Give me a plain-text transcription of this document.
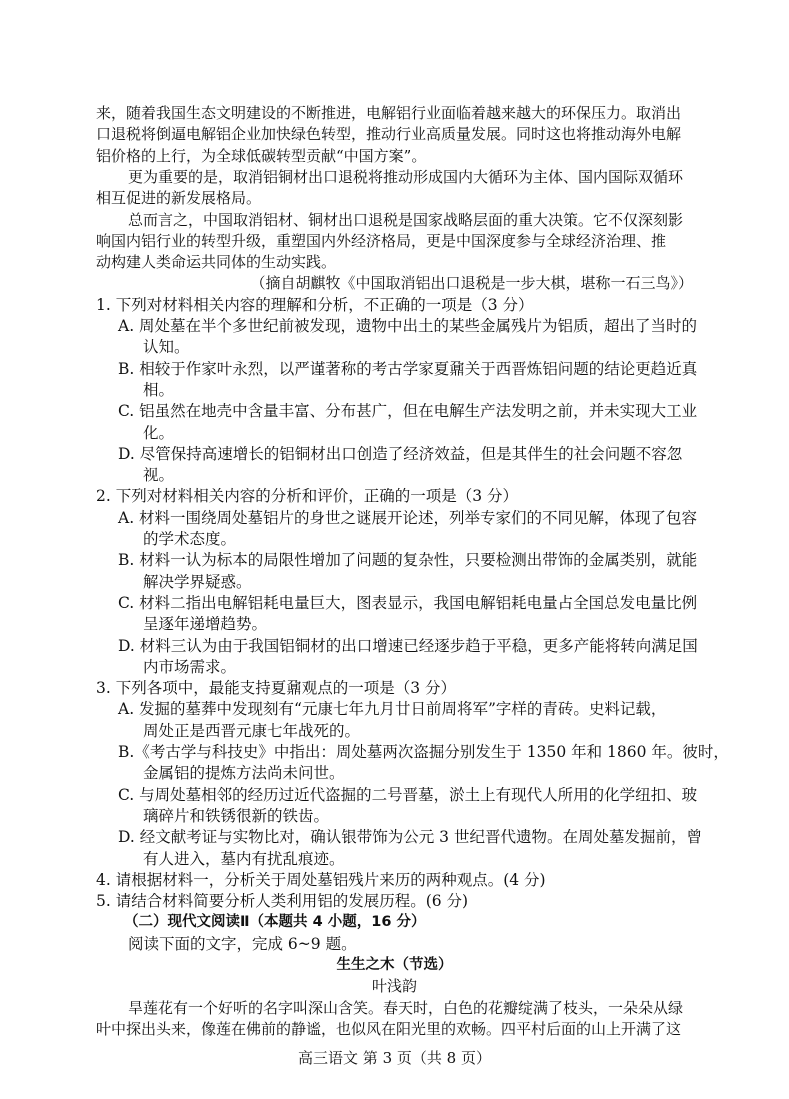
来，随着我国生态文明建设的不断推进，电解铝行业面临着越来越大的环保压力。取消出
口退税将倒逼电解铝企业加快绿色转型，推动行业高质量发展。同时这也将推动海外电解
铝价格的上行，为全球低碳转型贡献“中国方案”。
更为重要的是，取消铝铜材出口退税将推动形成国内大循环为主体、国内国际双循环
相互促进的新发展格局。
总而言之，中国取消铝材、铜材出口退税是国家战略层面的重大决策。它不仅深刻影
响国内铝行业的转型升级，重塑国内外经济格局，更是中国深度参与全球经济治理、推
动构建人类命运共同体的生动实践。
（摘自胡麒牧《中国取消铝出口退税是一步大棋，堪称一石三鸟》）
1. 下列对材料相关内容的理解和分析，不正确的一项是（3 分）
A. 周处墓在半个多世纪前被发现，遗物中出土的某些金属残片为铝质，超出了当时的
认知。
B. 相较于作家叶永烈，以严谨著称的考古学家夏鼐关于西晋炼铝问题的结论更趋近真
相。
C. 铝虽然在地壳中含量丰富、分布甚广，但在电解生产法发明之前，并未实现大工业
化。
D. 尽管保持高速增长的铝铜材出口创造了经济效益，但是其伴生的社会问题不容忽
视。
2. 下列对材料相关内容的分析和评价，正确的一项是（3 分）
A. 材料一围绕周处墓铝片的身世之谜展开论述，列举专家们的不同见解，体现了包容
的学术态度。
B. 材料一认为标本的局限性增加了问题的复杂性，只要检测出带饰的金属类别，就能
解决学界疑惑。
C. 材料二指出电解铝耗电量巨大，图表显示，我国电解铝耗电量占全国总发电量比例
呈逐年递增趋势。
D. 材料三认为由于我国铝铜材的出口增速已经逐步趋于平稳，更多产能将转向满足国
内市场需求。
3. 下列各项中，最能支持夏鼐观点的一项是（3 分）
A. 发掘的墓葬中发现刻有“元康七年九月廿日前周将军”字样的青砖。史料记载，
周处正是西晋元康七年战死的。
B.《考古学与科技史》中指出：周处墓两次盗掘分别发生于 1350 年和 1860 年。彼时，
金属铝的提炼方法尚未问世。
C. 与周处墓相邻的经历过近代盗掘的二号晋墓，淤土上有现代人所用的化学纽扣、玻
璃碎片和铁锈很新的铁齿。
D. 经文献考证与实物比对，确认银带饰为公元 3 世纪晋代遗物。在周处墓发掘前，曾
有人进入，墓内有扰乱痕迹。
4. 请根据材料一，分析关于周处墓铝残片来历的两种观点。(4 分)
5. 请结合材料简要分析人类利用铝的发展历程。(6 分)
（二）现代文阅读Ⅱ（本题共 4 小题，16 分）
高三语文 第 3 页（共 8 页）
阅读下面的文字，完成 6~9 题。
生生之木（节选）
叶浅韵
旱莲花有一个好听的名字叫深山含笑。春天时，白色的花瓣绽满了枝头，一朵朵从绿
叶中探出头来，像莲在佛前的静谧，也似风在阳光里的欢畅。四平村后面的山上开满了这
